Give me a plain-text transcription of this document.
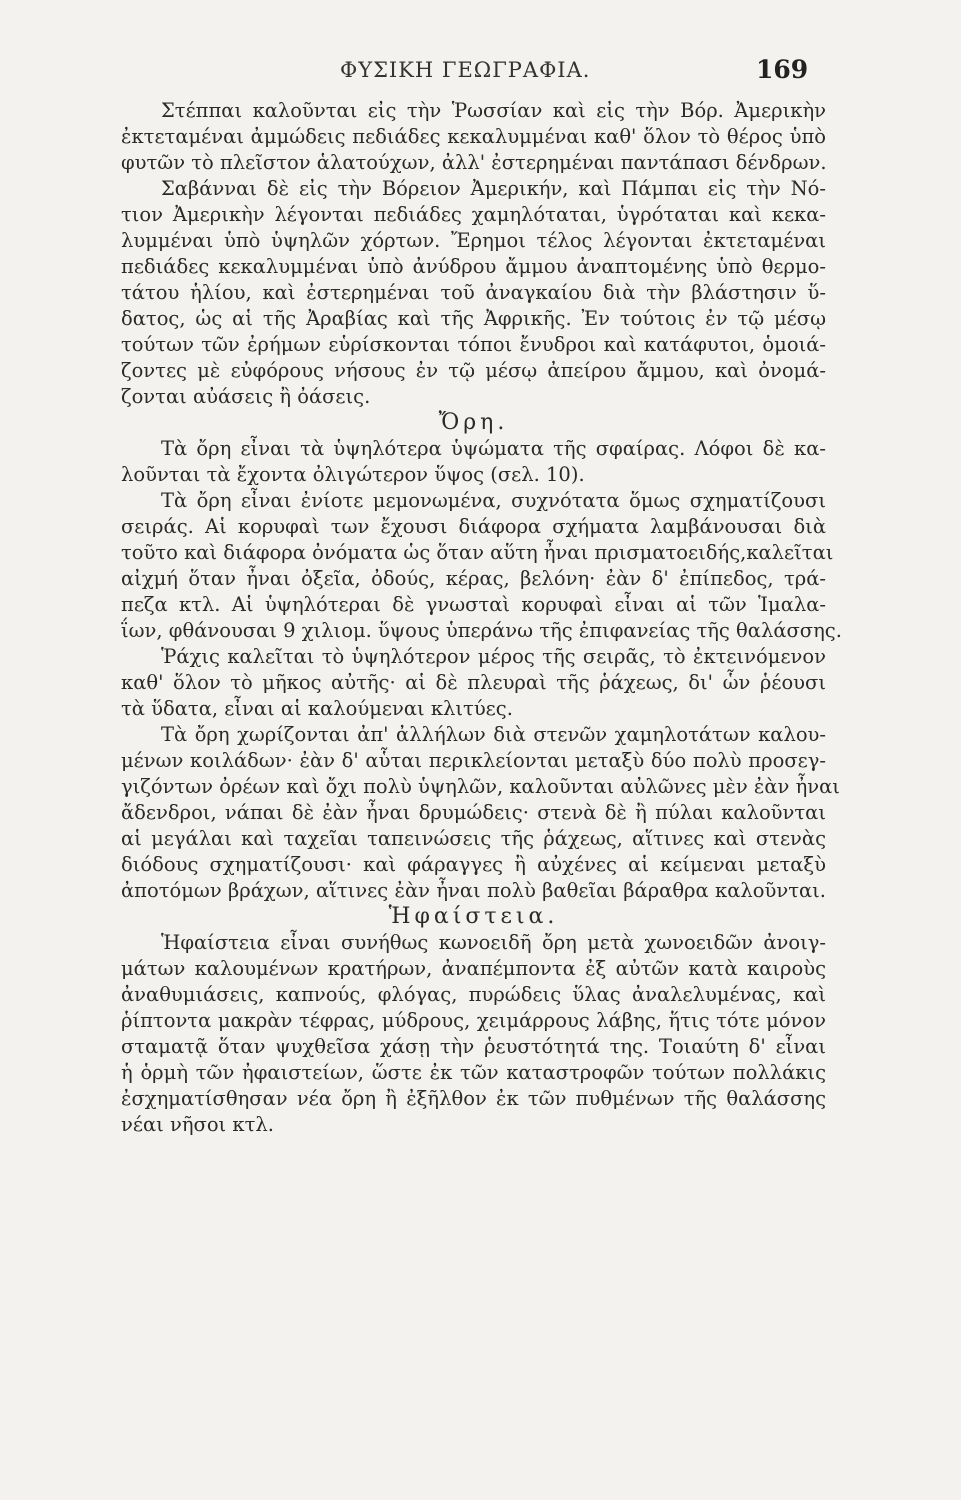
ΦΥΣΙΚΗ ΓΕΩΓΡΑΦΙΑ.	169
Στέππαι καλοῦνται εἰς τὴν Ῥωσσίαν καὶ εἰς τὴν Βόρ. Ἀμερικὴν
ἐκτεταμέναι ἀμμώδεις πεδιάδες κεκαλυμμέναι καθ' ὅλον τὸ θέρος ὑπὸ
φυτῶν τὸ πλεῖστον ἁλατούχων, ἀλλ' ἐστερημέναι παντάπασι δένδρων.
Σαβάνναι δὲ εἰς τὴν Βόρειον Ἀμερικήν, καὶ Πάμπαι εἰς τὴν Νό-
τιον Ἀμερικὴν λέγονται πεδιάδες χαμηλόταται, ὑγρόταται καὶ κεκα-
λυμμέναι ὑπὸ ὑψηλῶν χόρτων. Ἔρημοι τέλος λέγονται ἐκτεταμέναι
πεδιάδες κεκαλυμμέναι ὑπὸ ἀνύδρου ἄμμου ἀναπτομένης ὑπὸ θερμο-
τάτου ἡλίου, καὶ ἐστερημέναι τοῦ ἀναγκαίου διὰ τὴν βλάστησιν ὕ-
δατος, ὡς αἱ τῆς Ἀραβίας καὶ τῆς Ἀφρικῆς. Ἐν τούτοις ἐν τῷ μέσῳ
τούτων τῶν ἐρήμων εὑρίσκονται τόποι ἔνυδροι καὶ κατάφυτοι, ὁμοιά-
ζοντες μὲ εὐφόρους νήσους ἐν τῷ μέσῳ ἀπείρου ἄμμου, καὶ ὀνομά-
ζονται αὐάσεις ἢ ὀάσεις.
Ὄρη.
Τὰ ὄρη εἶναι τὰ ὑψηλότερα ὑψώματα τῆς σφαίρας. Λόφοι δὲ κα-
λοῦνται τὰ ἔχοντα ὀλιγώτερον ὕψος (σελ. 10).
Τὰ ὄρη εἶναι ἐνίοτε μεμονωμένα, συχνότατα ὅμως σχηματίζουσι
σειράς. Αἱ κορυφαὶ των ἔχουσι διάφορα σχήματα λαμβάνουσαι διὰ
τοῦτο καὶ διάφορα ὀνόματα ὡς ὅταν αὕτη ἦναι πρισματοειδής,καλεῖται
αἰχμή ὅταν ἦναι ὀξεῖα, ὀδούς, κέρας, βελόνη· ἐὰν δ' ἐπίπεδος, τρά-
πεζα κτλ. Αἱ ὑψηλότεραι δὲ γνωσταὶ κορυφαὶ εἶναι αἱ τῶν Ἱμαλα-
ΐων, φθάνουσαι 9 χιλιομ. ὕψους ὑπεράνω τῆς ἐπιφανείας τῆς θαλάσσης.
Ῥάχις καλεῖται τὸ ὑψηλότερον μέρος τῆς σειρᾶς, τὸ ἐκτεινόμενον
καθ' ὅλον τὸ μῆκος αὐτῆς· αἱ δὲ πλευραὶ τῆς ῥάχεως, δι' ὧν ῥέουσι
τὰ ὕδατα, εἶναι αἱ καλούμεναι κλιτύες.
Τὰ ὄρη χωρίζονται ἀπ' ἀλλήλων διὰ στενῶν χαμηλοτάτων καλου-
μένων κοιλάδων· ἐὰν δ' αὗται περικλείονται μεταξὺ δύο πολὺ προσεγ-
γιζόντων ὀρέων καὶ ὄχι πολὺ ὑψηλῶν, καλοῦνται αὐλῶνες μὲν ἐὰν ἦναι
ἄδενδροι, νάπαι δὲ ἐὰν ἦναι δρυμώδεις· στενὰ δὲ ἢ πύλαι καλοῦνται
αἱ μεγάλαι καὶ ταχεῖαι ταπεινώσεις τῆς ῥάχεως, αἵτινες καὶ στενὰς
διόδους σχηματίζουσι· καὶ φάραγγες ἢ αὐχένες αἱ κείμεναι μεταξὺ
ἀποτόμων βράχων, αἵτινες ἐὰν ἦναι πολὺ βαθεῖαι βάραθρα καλοῦνται.
Ἡφαίστεια.
Ἡφαίστεια εἶναι συνήθως κωνοειδῆ ὄρη μετὰ χωνοειδῶν ἀνοιγ-
μάτων καλουμένων κρατήρων, ἀναπέμποντα ἐξ αὐτῶν κατὰ καιροὺς
ἀναθυμιάσεις, καπνούς, φλόγας, πυρώδεις ὕλας ἀναλελυμένας, καὶ
ῥίπτοντα μακρὰν τέφρας, μύδρους, χειμάρρους λάβης, ἥτις τότε μόνον
σταματᾷ ὅταν ψυχθεῖσα χάσῃ τὴν ῥευστότητά της. Τοιαύτη δ' εἶναι
ἡ ὁρμὴ τῶν ἠφαιστείων, ὥστε ἐκ τῶν καταστροφῶν τούτων πολλάκις
ἐσχηματίσθησαν νέα ὄρη ἢ ἐξῆλθον ἐκ τῶν πυθμένων τῆς θαλάσσης
νέαι νῆσοι κτλ.
